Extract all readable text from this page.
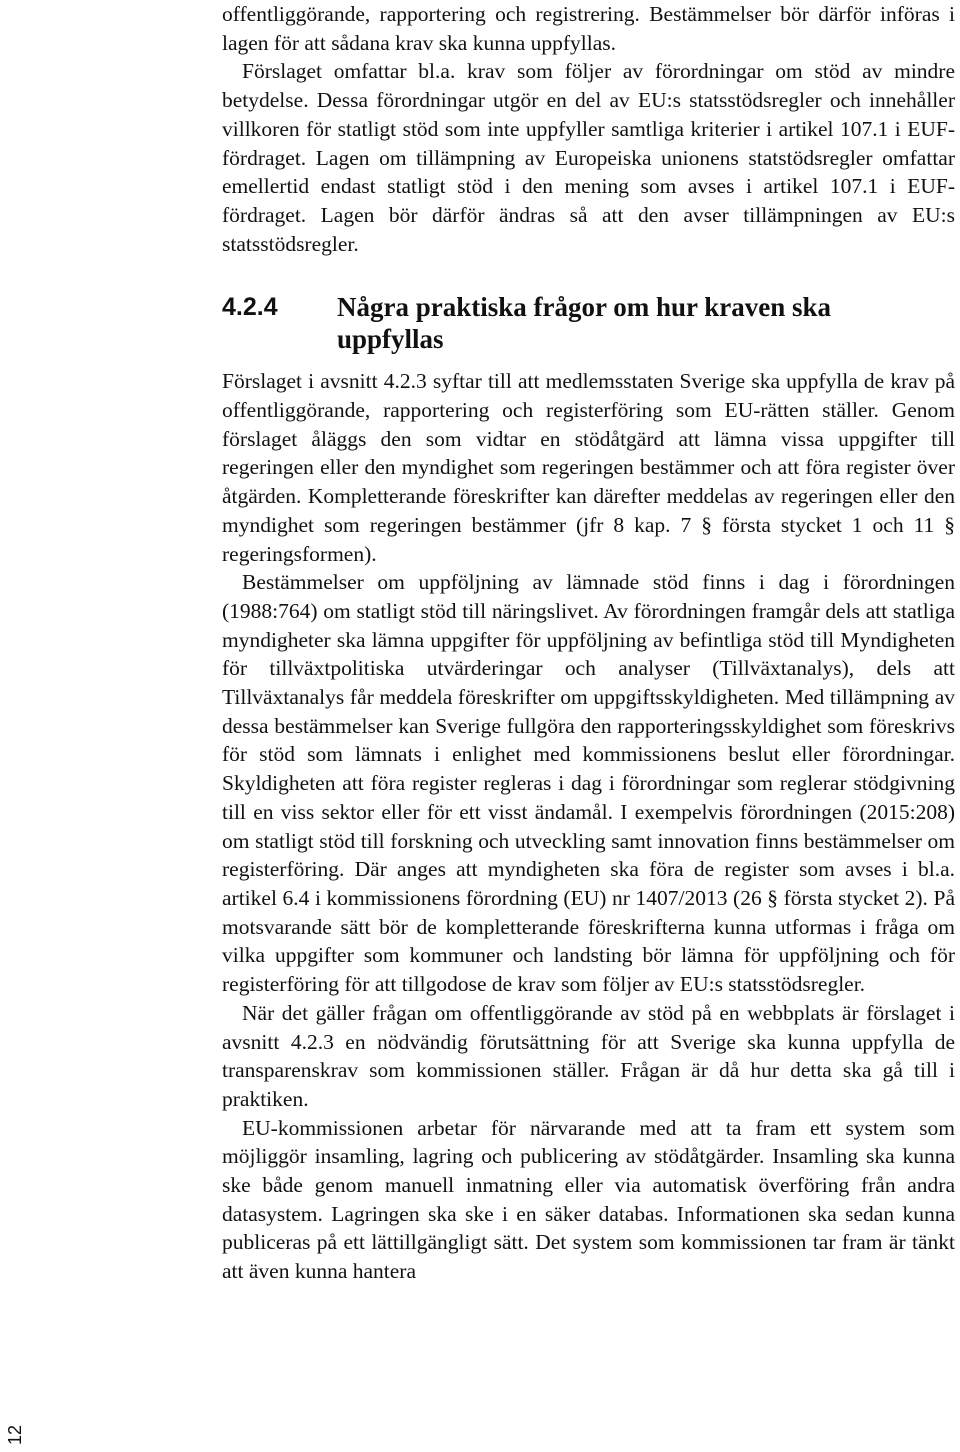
offentliggörande, rapportering och registrering. Bestämmelser bör därför införas i lagen för att sådana krav ska kunna uppfyllas.

Förslaget omfattar bl.a. krav som följer av förordningar om stöd av mindre betydelse. Dessa förordningar utgör en del av EU:s statsstödsregler och innehåller villkoren för statligt stöd som inte uppfyller samtliga kriterier i artikel 107.1 i EUF-fördraget. Lagen om tillämpning av Europeiska unionens statstödsregler omfattar emellertid endast statligt stöd i den mening som avses i artikel 107.1 i EUF-fördraget. Lagen bör därför ändras så att den avser tillämpningen av EU:s statsstödsregler.

4.2.4	Några praktiska frågor om hur kraven ska uppfyllas

Förslaget i avsnitt 4.2.3 syftar till att medlemsstaten Sverige ska uppfylla de krav på offentliggörande, rapportering och registerföring som EU-rätten ställer. Genom förslaget åläggs den som vidtar en stödåtgärd att lämna vissa uppgifter till regeringen eller den myndighet som regeringen bestämmer och att föra register över åtgärden. Kompletterande föreskrifter kan därefter meddelas av regeringen eller den myndighet som regeringen bestämmer (jfr 8 kap. 7 § första stycket 1 och 11 § regeringsformen).

Bestämmelser om uppföljning av lämnade stöd finns i dag i förordningen (1988:764) om statligt stöd till näringslivet. Av förordningen framgår dels att statliga myndigheter ska lämna uppgifter för uppföljning av befintliga stöd till Myndigheten för tillväxtpolitiska utvärderingar och analyser (Tillväxtanalys), dels att Tillväxtanalys får meddela föreskrifter om uppgiftsskyldigheten. Med tillämpning av dessa bestämmelser kan Sverige fullgöra den rapporteringsskyldighet som föreskrivs för stöd som lämnats i enlighet med kommissionens beslut eller förordningar. Skyldigheten att föra register regleras i dag i förordningar som reglerar stödgivning till en viss sektor eller för ett visst ändamål. I exempelvis förordningen (2015:208) om statligt stöd till forskning och utveckling samt innovation finns bestämmelser om registerföring. Där anges att myndigheten ska föra de register som avses i bl.a. artikel 6.4 i kommissionens förordning (EU) nr 1407/2013 (26 § första stycket 2). På motsvarande sätt bör de kompletterande föreskrifterna kunna utformas i fråga om vilka uppgifter som kommuner och landsting bör lämna för uppföljning och för registerföring för att tillgodose de krav som följer av EU:s statsstödsregler.

När det gäller frågan om offentliggörande av stöd på en webbplats är förslaget i avsnitt 4.2.3 en nödvändig förutsättning för att Sverige ska kunna uppfylla de transparenskrav som kommissionen ställer. Frågan är då hur detta ska gå till i praktiken.

EU-kommissionen arbetar för närvarande med att ta fram ett system som möjliggör insamling, lagring och publicering av stödåtgärder. Insamling ska kunna ske både genom manuell inmatning eller via automatisk överföring från andra datasystem. Lagringen ska ske i en säker databas. Informationen ska sedan kunna publiceras på ett lättillgängligt sätt. Det system som kommissionen tar fram är tänkt att även kunna hantera

12
